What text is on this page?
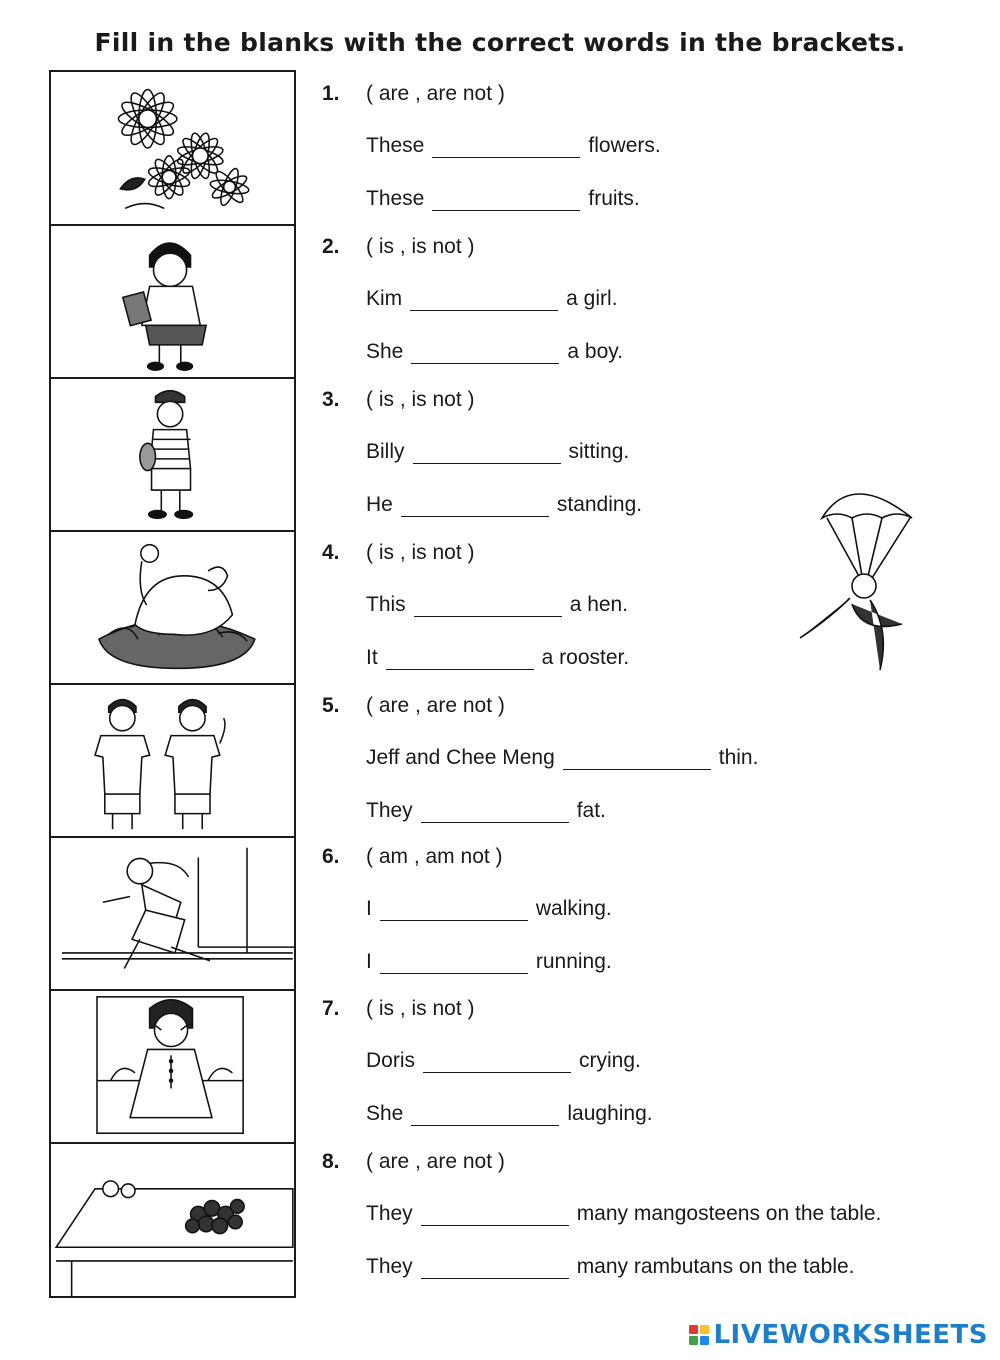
Fill in the blanks with the correct words in the brackets.
1. ( are , are not )
These	flowers.
These	fruits.
2. ( is , is not )
Kim	a girl.
She	a boy.
3. ( is , is not )
Billy	sitting.
He	standing.
4. ( is , is not )
This	a hen.
It	a rooster.
5. ( are , are not )
Jeff and Chee Meng	thin.
They	fat.
6. ( am , am not )
I	walking.
I	running.
7. ( is , is not )
Doris	crying.
She	laughing.
8. ( are , are not )
They	many mangosteens on the table.
They	many rambutans on the table.
LIVEWORKSHEETS
